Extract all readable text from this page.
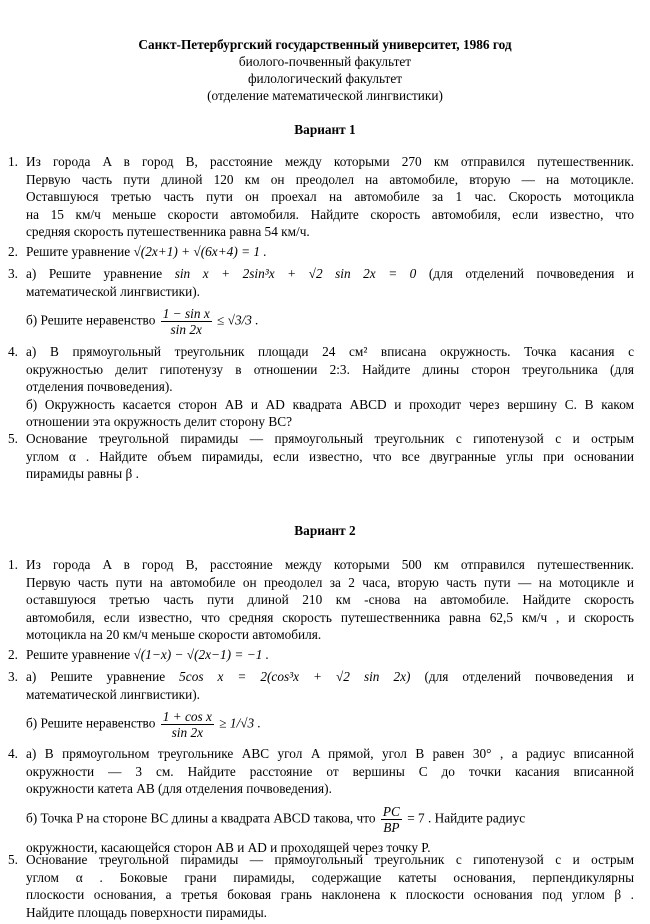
Санкт-Петербургский государственный университет, 1986 год
биолого-почвенный факультет
филологический факультет
(отделение математической лингвистики)
Вариант 1
1. Из города A в город B, расстояние между которыми 270 км отправился путешественник.
Первую часть пути длиной 120 км он преодолел на автомобиле, вторую — на мотоцикле.
Оставшуюся третью часть пути он проехал на автомобиле за 1 час. Скорость мотоцикла
на 15 км/ч меньше скорости автомобиля. Найдите скорость автомобиля, если известно, что
средняя скорость путешественника равна 54 км/ч.
2. Решите уравнение √(2x+1) + √(6x+4) = 1 .
3. а) Решите уравнение sin x + 2sin³x + √2 sin 2x = 0 (для отделений почвоведения и
математической лингвистики).
б) Решите неравенство $\frac{\text{1 − sin x}}{\sin 2x} \le √3/3$ .
4. а) В прямоугольный треугольник площади 24 см² вписана окружность. Точка касания с
окружностью делит гипотенузу в отношении 2:3. Найдите длины сторон треугольника (для
отделения почвоведения).
б) Окружность касается сторон AB и AD квадрата ABCD и проходит через вершину C. В каком
отношении эта окружность делит сторону BC?
5. Основание треугольной пирамиды — прямоугольный треугольник с гипотенузой c и острым
углом α . Найдите объем пирамиды, если известно, что все двугранные углы при основании
пирамиды равны β .
Вариант 2
1. Из города A в город B, расстояние между которыми 500 км отправился путешественник.
Первую часть пути на автомобиле он преодолел за 2 часа, вторую часть пути — на мотоцикле и
оставшуюся третью часть пути длиной 210 км -снова на автомобиле. Найдите скорость
автомобиля, если известно, что средняя скорость путешественника равна 62,5 км/ч , и скорость
мотоцикла на 20 км/ч меньше скорости автомобиля.
2. Решите уравнение √(1−x) − √(2x−1) = −1 .
3. а) Решите уравнение 5cos x = 2(cos³x + √2 sin 2x) (для отделений почвоведения и
математической лингвистики).
б) Решите неравенство $\frac{\text{1 + cos x}}{\sin 2x} \ge 1/√3$ .
4. а) В прямоугольном треугольнике ABC угол A прямой, угол B равен 30° , а радиус вписанной
окружности — 3 см. Найдите расстояние от вершины C до точки касания вписанной
окружности катета AB (для отделения почвоведения).
б) Точка P на стороне BC длины a квадрата ABCD такова, что $\frac{PC}{BP} = 7$ . Найдите радиус
окружности, касающейся сторон AB и AD и проходящей через точку P.
5. Основание треугольной пирамиды — прямоугольный треугольник с гипотенузой c и острым
углом α . Боковые грани пирамиды, содержащие катеты основания, перпендикулярны
плоскости основания, а третья боковая грань наклонена к плоскости основания под углом β .
Найдите площадь поверхности пирамиды.
